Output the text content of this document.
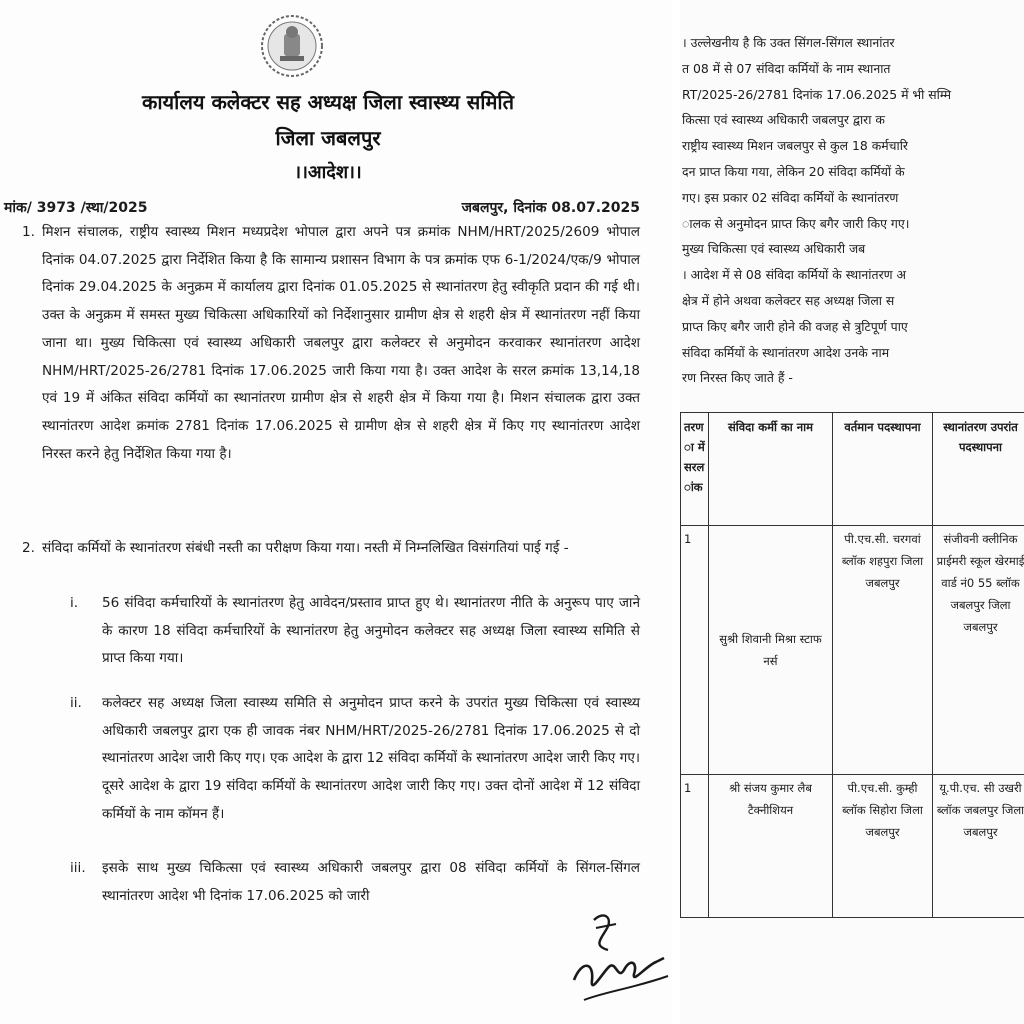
कार्यालय कलेक्टर सह अध्यक्ष जिला स्वास्थ्य समिति
जिला जबलपुर
।।आदेश।।
मांक/ 3973 /स्था/2025	जबलपुर, दिनांक 08.07.2025
1. मिशन संचालक, राष्ट्रीय स्वास्थ्य मिशन मध्यप्रदेश भोपाल द्वारा अपने पत्र क्रमांक NHM/HRT/2025/2609 भोपाल दिनांक 04.07.2025 द्वारा निर्देशित किया है कि सामान्य प्रशासन विभाग के पत्र क्रमांक एफ 6-1/2024/एक/9 भोपाल दिनांक 29.04.2025 के अनुक्रम में कार्यालय द्वारा दिनांक 01.05.2025 से स्थानांतरण हेतु स्वीकृति प्रदान की गई थी। उक्त के अनुक्रम में समस्त मुख्य चिकित्सा अधिकारियों को निर्देशानुसार ग्रामीण क्षेत्र से शहरी क्षेत्र में स्थानांतरण नहीं किया जाना था। मुख्य चिकित्सा एवं स्वास्थ्य अधिकारी जबलपुर द्वारा कलेक्टर से अनुमोदन करवाकर स्थानांतरण आदेश NHM/HRT/2025-26/2781 दिनांक 17.06.2025 जारी किया गया है। उक्त आदेश के सरल क्रमांक 13,14,18 एवं 19 में अंकित संविदा कर्मियों का स्थानांतरण ग्रामीण क्षेत्र से शहरी क्षेत्र में किया गया है। मिशन संचालक द्वारा उक्त स्थानांतरण आदेश क्रमांक 2781 दिनांक 17.06.2025 से ग्रामीण क्षेत्र से शहरी क्षेत्र में किए गए स्थानांतरण आदेश निरस्त करने हेतु निर्देशित किया गया है।
2. संविदा कर्मियों के स्थानांतरण संबंधी नस्ती का परीक्षण किया गया। नस्ती में निम्नलिखित विसंगतियां पाई गई -
i. 56 संविदा कर्मचारियों के स्थानांतरण हेतु आवेदन/प्रस्ताव प्राप्त हुए थे। स्थानांतरण नीति के अनुरूप पाए जाने के कारण 18 संविदा कर्मचारियों के स्थानांतरण हेतु अनुमोदन कलेक्टर सह अध्यक्ष जिला स्वास्थ्य समिति से प्राप्त किया गया।
ii. कलेक्टर सह अध्यक्ष जिला स्वास्थ्य समिति से अनुमोदन प्राप्त करने के उपरांत मुख्य चिकित्सा एवं स्वास्थ्य अधिकारी जबलपुर द्वारा एक ही जावक नंबर NHM/HRT/2025-26/2781 दिनांक 17.06.2025 से दो स्थानांतरण आदेश जारी किए गए। एक आदेश के द्वारा 12 संविदा कर्मियों के स्थानांतरण आदेश जारी किए गए। दूसरे आदेश के द्वारा 19 संविदा कर्मियों के स्थानांतरण आदेश जारी किए गए। उक्त दोनों आदेश में 12 संविदा कर्मियों के नाम कॉमन हैं।
iii. इसके साथ मुख्य चिकित्सा एवं स्वास्थ्य अधिकारी जबलपुर द्वारा 08 संविदा कर्मियों के सिंगल-सिंगल स्थानांतरण आदेश भी दिनांक 17.06.2025 को जारी
। उल्लेखनीय है कि उक्त सिंगल-सिंगल स्थानांतर
त 08 में से 07 संविदा कर्मियों के नाम स्थानात
RT/2025-26/2781 दिनांक 17.06.2025 में भी सम्मि
कित्सा एवं स्वास्थ्य अधिकारी जबलपुर द्वारा क
राष्ट्रीय स्वास्थ्य मिशन जबलपुर से कुल 18 कर्मचारि
दन प्राप्त किया गया, लेकिन 20 संविदा कर्मियों के
गए। इस प्रकार 02 संविदा कर्मियों के स्थानांतरण
ालक से अनुमोदन प्राप्त किए बगैर जारी किए गए।
मुख्य चिकित्सा एवं स्वास्थ्य अधिकारी जब
। आदेश में से 08 संविदा कर्मियों के स्थानांतरण अ
क्षेत्र में होने अथवा कलेक्टर सह अध्यक्ष जिला स
प्राप्त किए बगैर जारी होने की वजह से त्रुटिपूर्ण पाए
संविदा कर्मियों के स्थानांतरण आदेश उनके नाम
रण निरस्त किए जाते हैं -
तरण ा में सरल ांक	संविदा कर्मी का नाम	वर्तमान पदस्थापना	स्थानांतरण उपरांत पदस्थापना	
1	सुश्री शिवानी मिश्रा स्टाफ नर्स	पी.एच.सी. चरगवां ब्लॉक शहपुरा जिला जबलपुर	संजीवनी क्लीनिक प्राईमरी स्कूल खेरमाई वार्ड नं0 55 ब्लॉक जबलपुर जिला जबलपुर	
1	श्री संजय कुमार लैब टैक्नीशियन	पी.एच.सी. कुम्ही ब्लॉक सिहोरा जिला जबलपुर	यू.पी.एच. सी उखरी ब्लॉक जबलपुर जिला जबलपुर	
